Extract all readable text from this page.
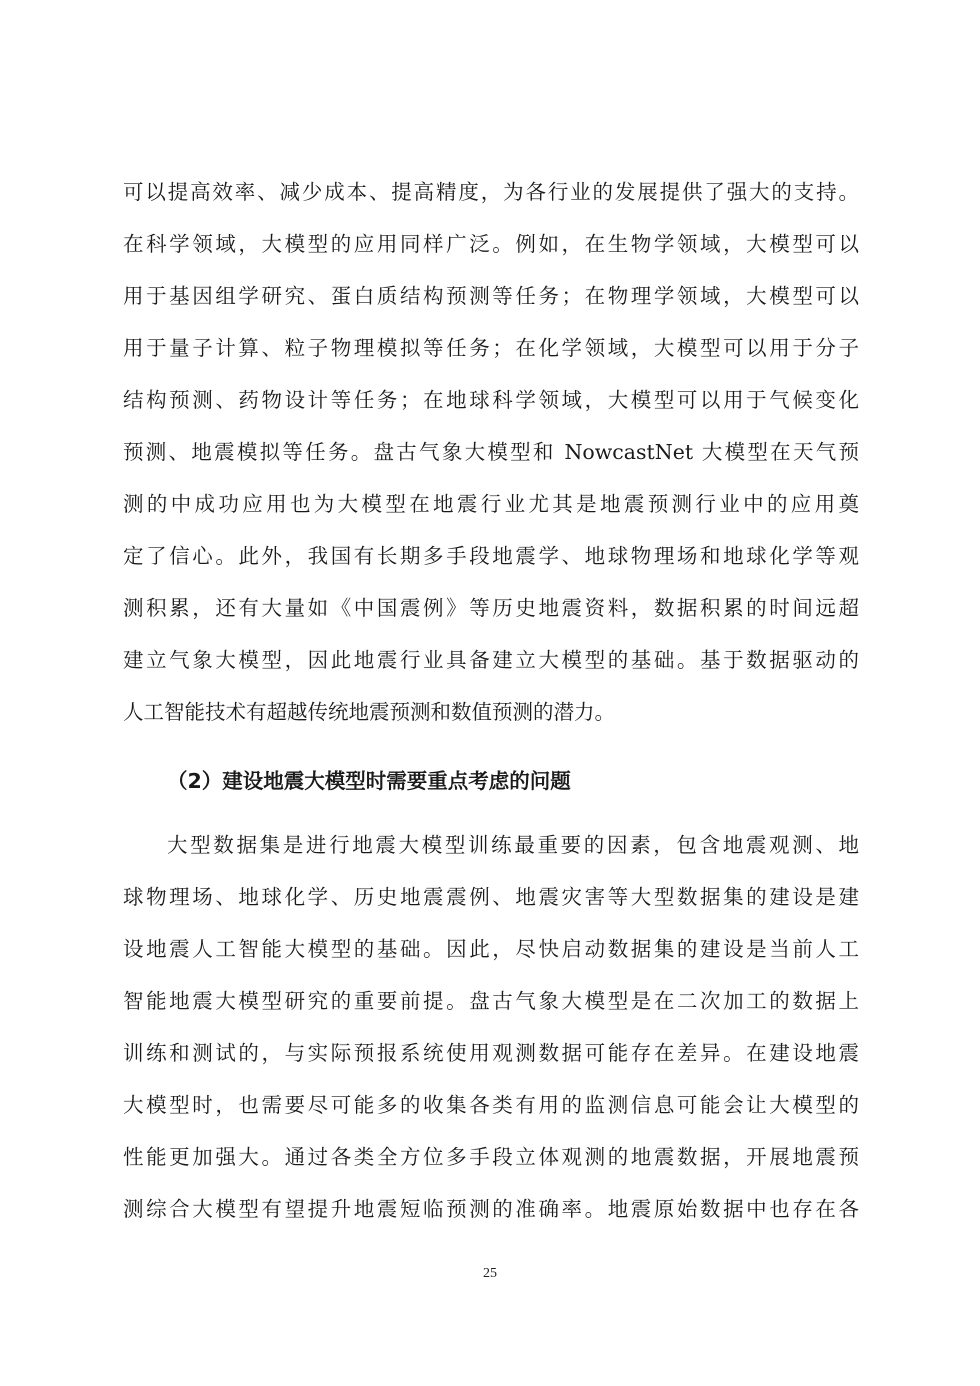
可以提高效率、减少成本、提高精度，为各行业的发展提供了强大的支持。
在科学领域，大模型的应用同样广泛。例如，在生物学领域，大模型可以
用于基因组学研究、蛋白质结构预测等任务；在物理学领域，大模型可以
用于量子计算、粒子物理模拟等任务；在化学领域，大模型可以用于分子
结构预测、药物设计等任务；在地球科学领域，大模型可以用于气候变化
预测、地震模拟等任务。盘古气象大模型和 NowcastNet 大模型在天气预
测的中成功应用也为大模型在地震行业尤其是地震预测行业中的应用奠
定了信心。此外，我国有长期多手段地震学、地球物理场和地球化学等观
测积累，还有大量如《中国震例》等历史地震资料，数据积累的时间远超
建立气象大模型，因此地震行业具备建立大模型的基础。基于数据驱动的
人工智能技术有超越传统地震预测和数值预测的潜力。
（2）建设地震大模型时需要重点考虑的问题
大型数据集是进行地震大模型训练最重要的因素，包含地震观测、地
球物理场、地球化学、历史地震震例、地震灾害等大型数据集的建设是建
设地震人工智能大模型的基础。因此，尽快启动数据集的建设是当前人工
智能地震大模型研究的重要前提。盘古气象大模型是在二次加工的数据上
训练和测试的，与实际预报系统使用观测数据可能存在差异。在建设地震
大模型时，也需要尽可能多的收集各类有用的监测信息可能会让大模型的
性能更加强大。通过各类全方位多手段立体观测的地震数据，开展地震预
测综合大模型有望提升地震短临预测的准确率。地震原始数据中也存在各
25
